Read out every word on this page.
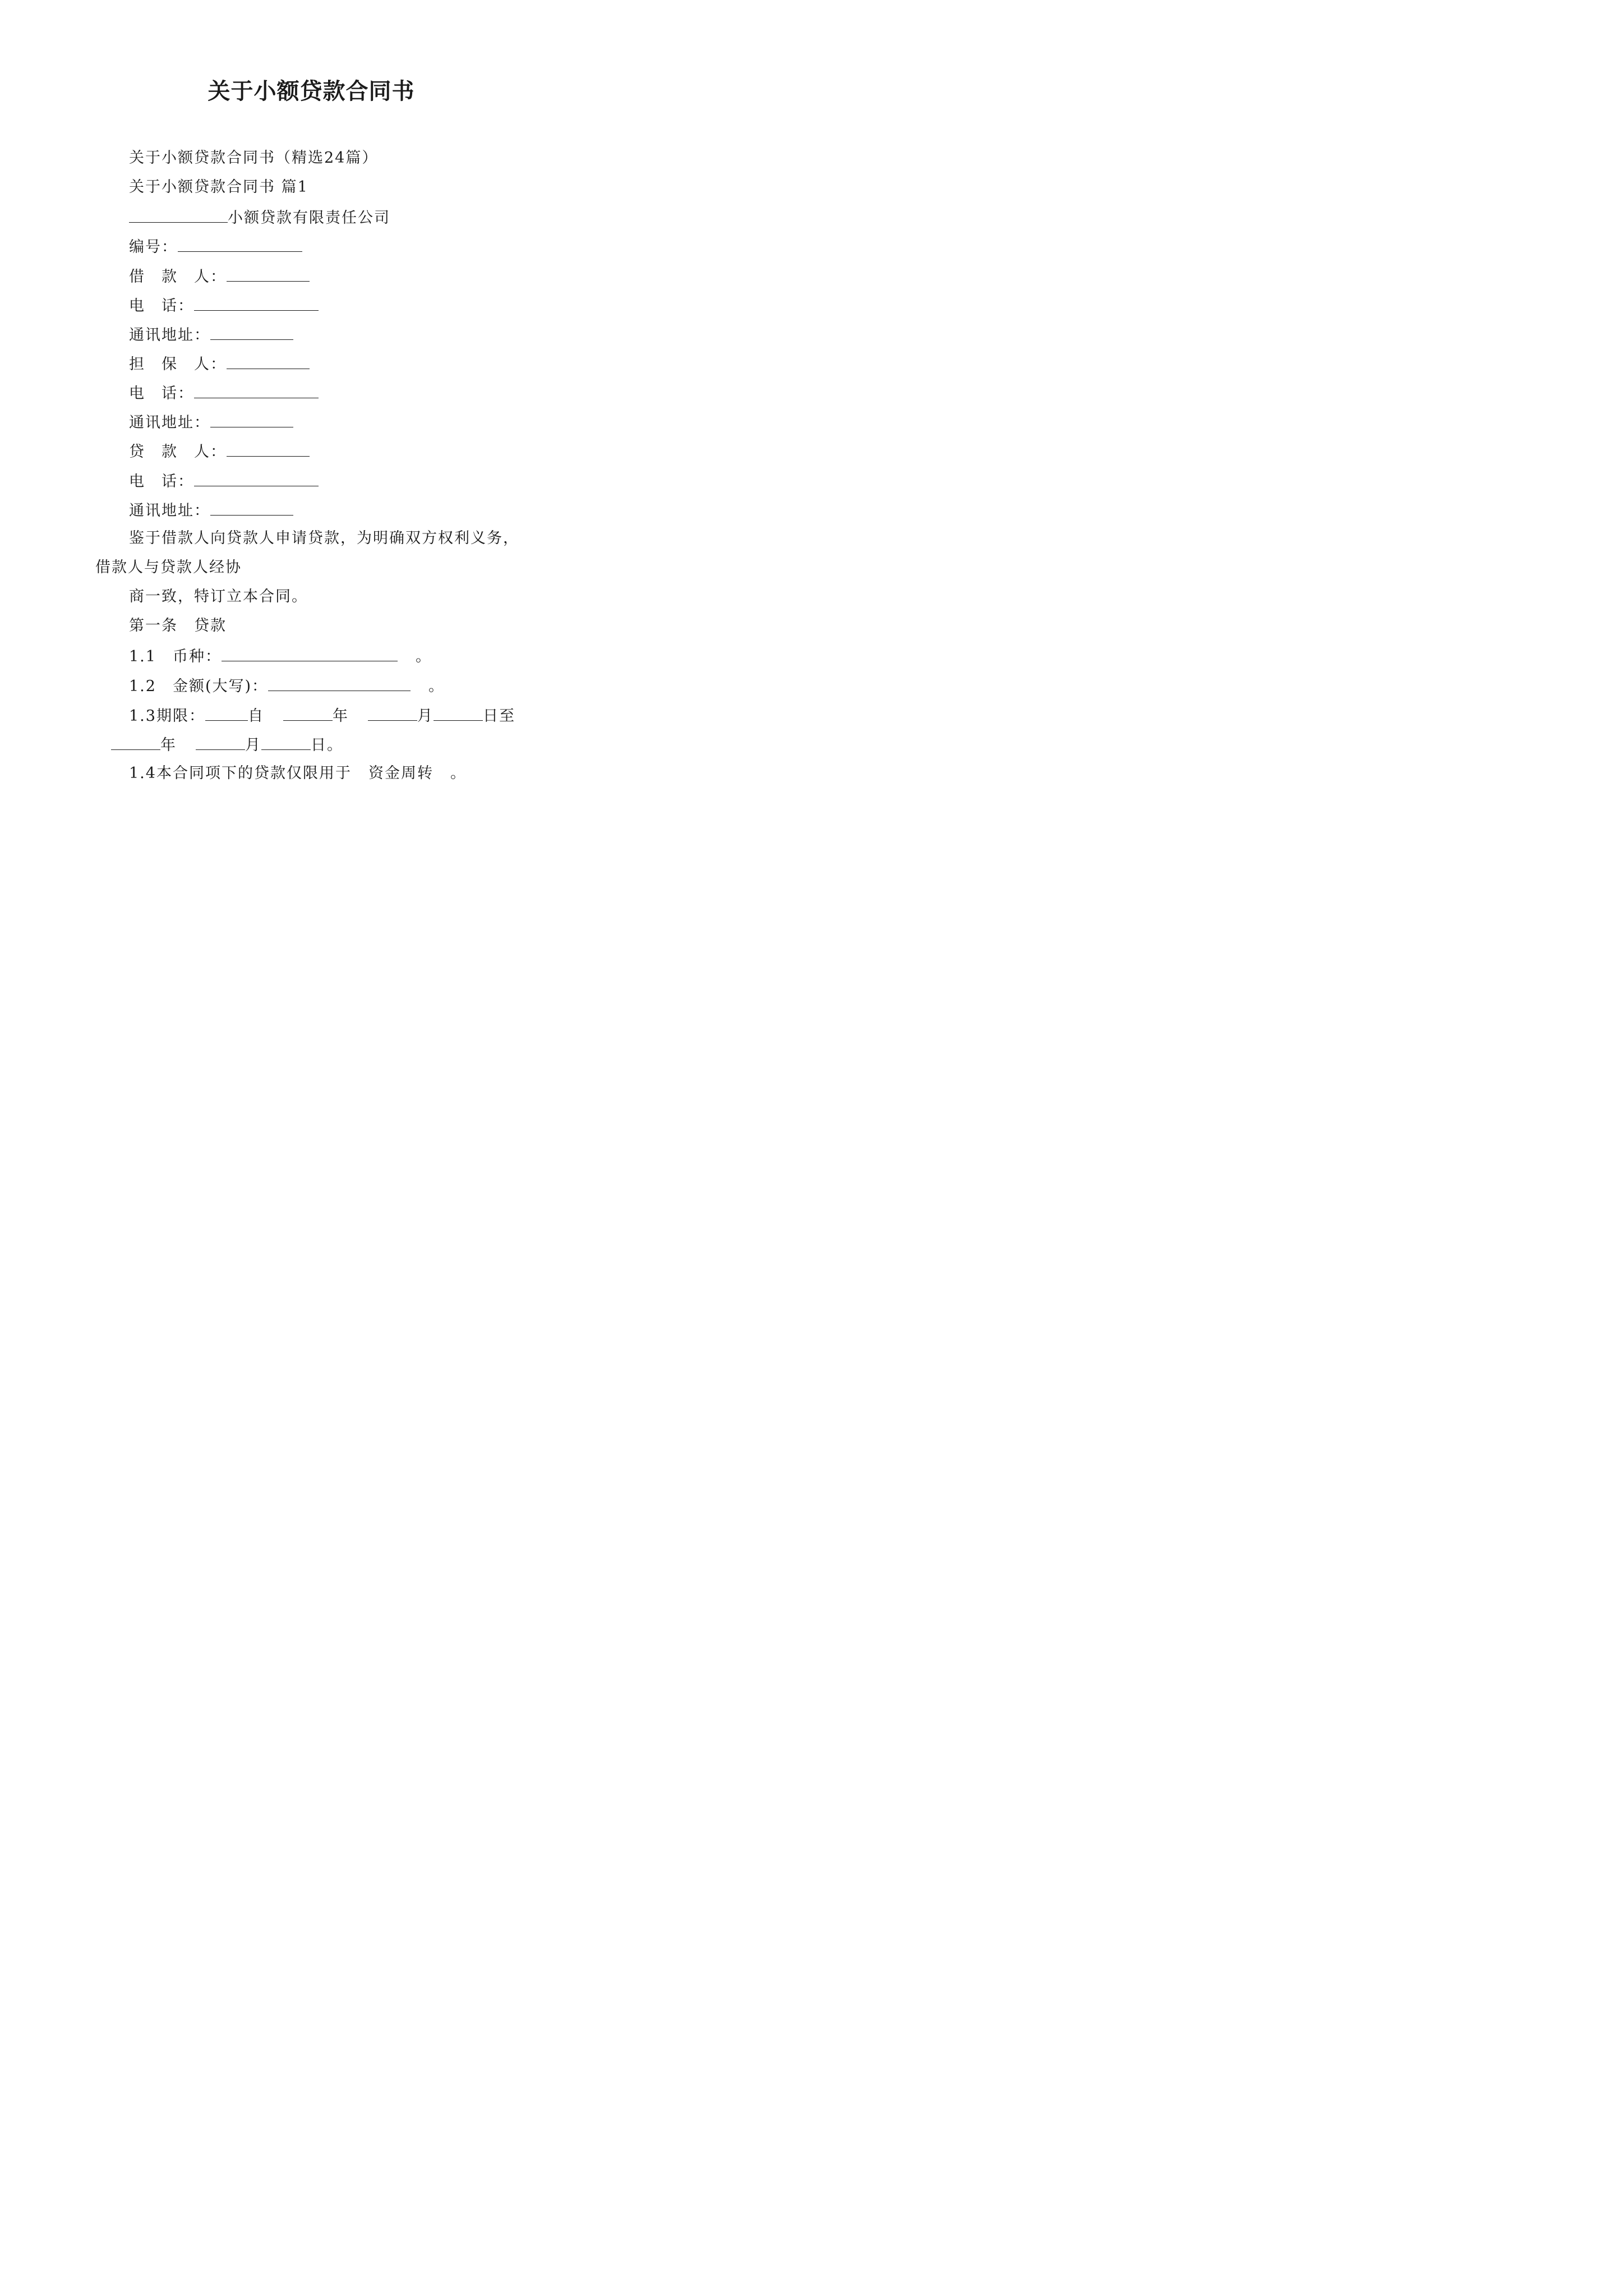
关于小额贷款合同书
关于小额贷款合同书（精选24篇）
关于小额贷款合同书 篇1
小额贷款有限责任公司
编号：
借　款　人：
电　话：
通讯地址：
担　保　人：
电　话：
通讯地址：
贷　款　人：
电　话：
通讯地址：
鉴于借款人向贷款人申请贷款，为明确双方权利义务，
借款人与贷款人经协
商一致，特订立本合同。
第一条　贷款
1.1　币种：	。
1.2　金额(大写)：	。
1.3期限：	自	年	月	日至
年	月	日。
1.4本合同项下的贷款仅限用于 资金周转 。
